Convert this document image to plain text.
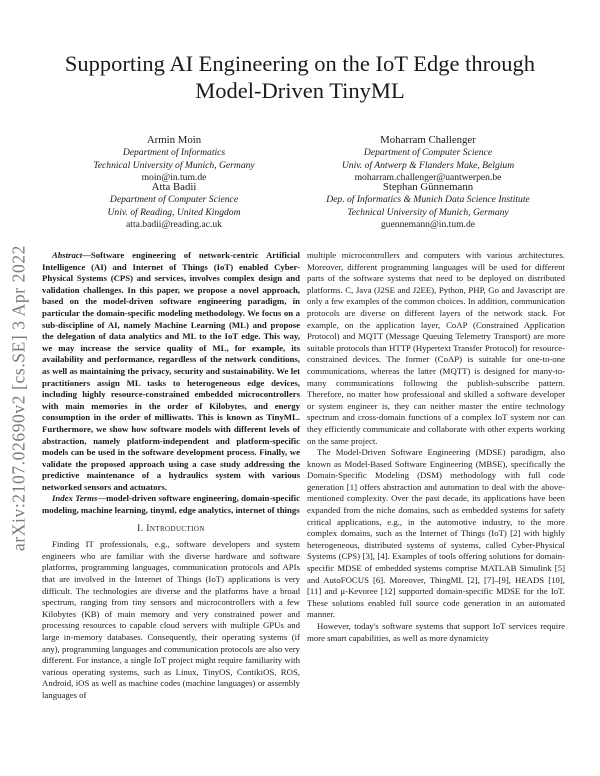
arXiv:2107.02690v2 [cs.SE] 3 Apr 2022
Supporting AI Engineering on the IoT Edge through Model-Driven TinyML
Armin Moin
Department of Informatics
Technical University of Munich, Germany
moin@in.tum.de
Moharram Challenger
Department of Computer Science
Univ. of Antwerp & Flanders Make, Belgium
moharram.challenger@uantwerpen.be
Atta Badii
Department of Computer Science
Univ. of Reading, United Kingdom
atta.badii@reading.ac.uk
Stephan Günnemann
Dep. of Informatics & Munich Data Science Institute
Technical University of Munich, Germany
guennemann@in.tum.de

Abstract—Software engineering of network-centric Artificial Intelligence (AI) and Internet of Things (IoT) enabled Cyber-Physical Systems (CPS) and services, involves complex design and validation challenges. In this paper, we propose a novel approach, based on the model-driven software engineering paradigm, in particular the domain-specific modeling methodology. We focus on a sub-discipline of AI, namely Machine Learning (ML) and propose the delegation of data analytics and ML to the IoT edge. This way, we may increase the service quality of ML, for example, its availability and performance, regardless of the network conditions, as well as maintaining the privacy, security and sustainability. We let practitioners assign ML tasks to heterogeneous edge devices, including highly resource-constrained embedded microcontrollers with main memories in the order of Kilobytes, and energy consumption in the order of milliwatts. This is known as TinyML. Furthermore, we show how software models with different levels of abstraction, namely platform-independent and platform-specific models can be used in the software development process. Finally, we validate the proposed approach using a case study addressing the predictive maintenance of a hydraulics system with various networked sensors and actuators.

Index Terms—model-driven software engineering, domain-specific modeling, machine learning, tinyml, edge analytics, internet of things

I. Introduction

Finding IT professionals, e.g., software developers and system engineers who are familiar with the diverse hardware and software platforms, programming languages, communication protocols and APIs that are involved in the Internet of Things (IoT) applications is very difficult. The technologies are diverse and the platforms have a broad spectrum, ranging from tiny sensors and microcontrollers with a few Kilobytes (KB) of main memory and very constrained power and processing resources to capable cloud servers with multiple GPUs and large in-memory databases. Consequently, their operating systems (if any), programming languages and communication protocols are also very different. For instance, a single IoT project might require familiarity with various operating systems, such as Linux, TinyOS, ContikiOS, ROS, Android, iOS as well as machine codes (machine languages) or assembly languages of

multiple microcontrollers and computers with various architectures. Moreover, different programming languages will be used for different parts of the software systems that need to be deployed on distributed platforms. C, Java (J2SE and J2EE), Python, PHP, Go and Javascript are only a few examples of the common choices. In addition, communication protocols are diverse on different layers of the network stack. For example, on the application layer, CoAP (Constrained Application Protocol) and MQTT (Message Queuing Telemetry Transport) are more suitable protocols than HTTP (Hypertext Transfer Protocol) for resource-constrained devices. The former (CoAP) is suitable for one-to-one communications, whereas the latter (MQTT) is designed for many-to-many communications following the publish-subscribe pattern. Therefore, no matter how professional and skilled a software developer or system engineer is, they can neither master the entire technology spectrum and cross-domain functions of a complex IoT system nor can they efficiently communicate and collaborate with other experts working on the same project.

The Model-Driven Software Engineering (MDSE) paradigm, also known as Model-Based Software Engineering (MBSE), specifically the Domain-Specific Modeling (DSM) methodology with full code generation [1] offers abstraction and automation to deal with the above-mentioned complexity. Over the past decade, its applications have been expanded from the niche domains, such as embedded systems for safety critical applications, e.g., in the automotive industry, to the more complex domains, such as the Internet of Things (IoT) [2] with highly heterogeneous, distributed systems of systems, called Cyber-Physical Systems (CPS) [3], [4]. Examples of tools offering solutions for domain-specific MDSE of embedded systems comprise MATLAB Simulink [5] and AutoFOCUS [6]. Moreover, ThingML [2], [7]–[9], HEADS [10], [11] and μ-Kevoree [12] supported domain-specific MDSE for the IoT. These solutions enabled full source code generation in an automated manner.

However, today's software systems that support IoT services require more smart capabilities, as well as more dynamicity
